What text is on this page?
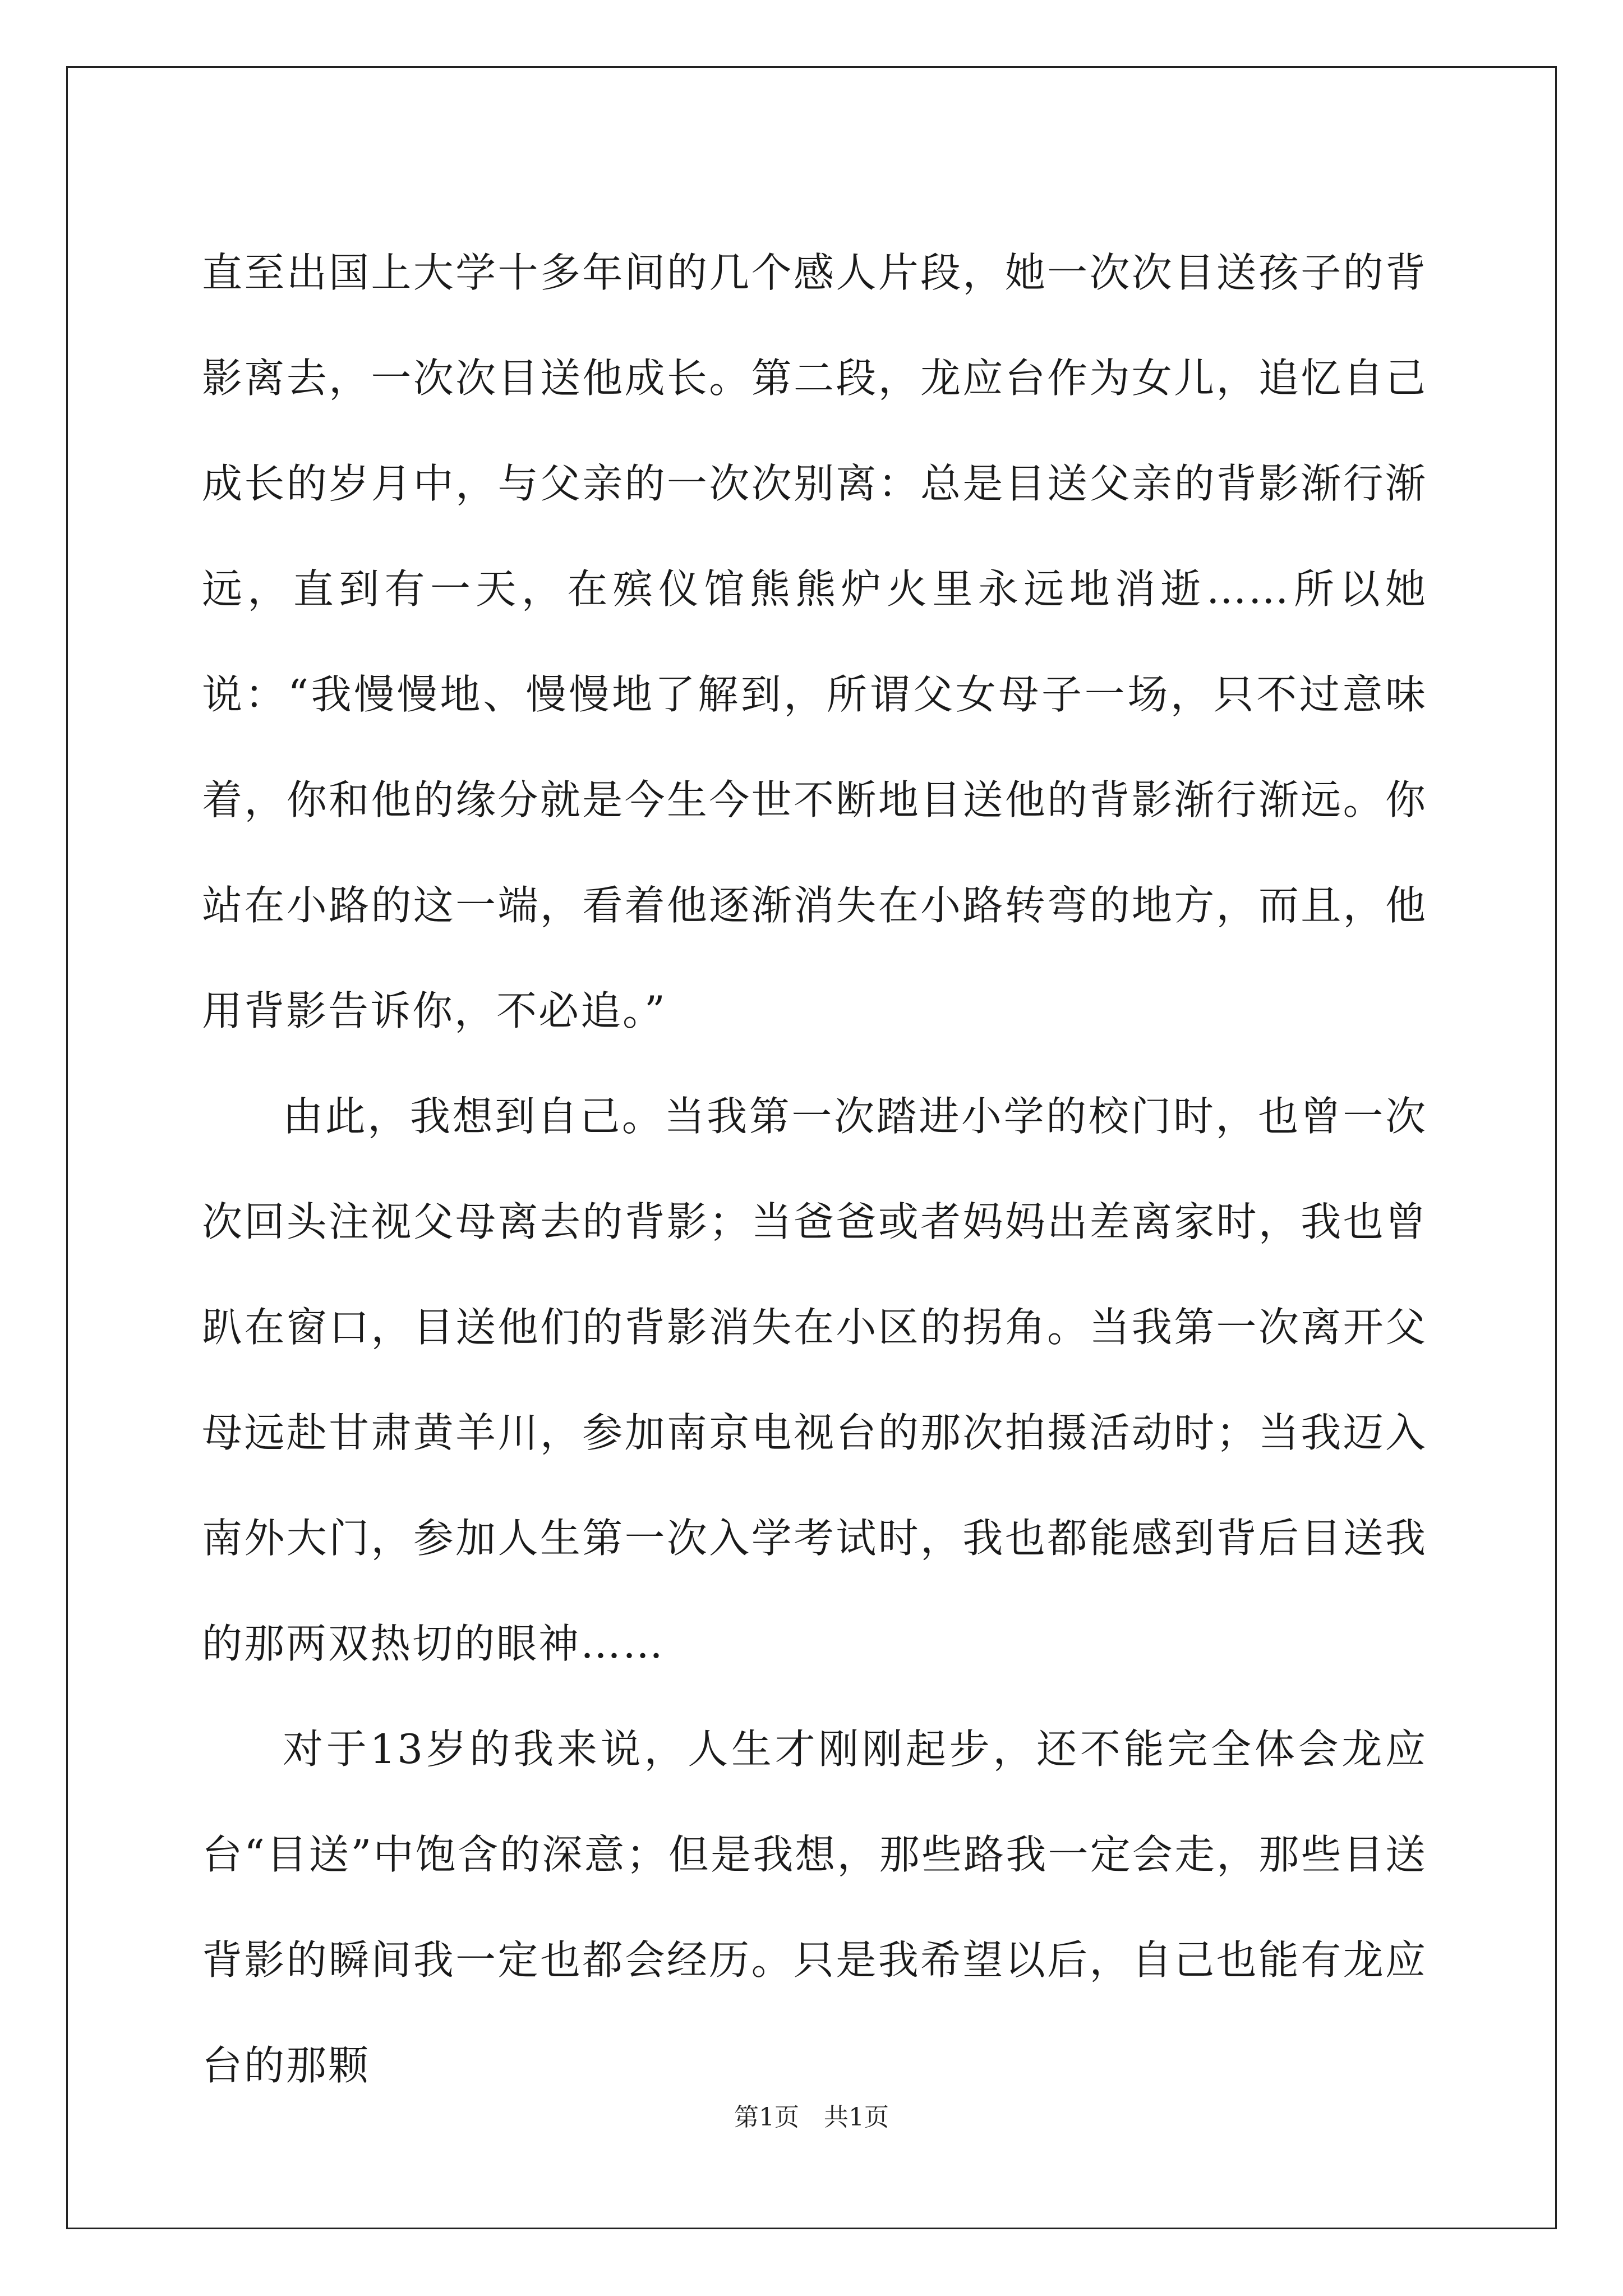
直至出国上大学十多年间的几个感人片段，她一次次目送孩子的背影离去，一次次目送他成长。第二段，龙应台作为女儿，追忆自己成长的岁月中，与父亲的一次次别离：总是目送父亲的背影渐行渐远，直到有一天，在殡仪馆熊熊炉火里永远地消逝……所以她说：“我慢慢地、慢慢地了解到，所谓父女母子一场，只不过意味着，你和他的缘分就是今生今世不断地目送他的背影渐行渐远。你站在小路的这一端，看着他逐渐消失在小路转弯的地方，而且，他用背影告诉你，不必追。”

由此，我想到自己。当我第一次踏进小学的校门时，也曾一次次回头注视父母离去的背影；当爸爸或者妈妈出差离家时，我也曾趴在窗口，目送他们的背影消失在小区的拐角。当我第一次离开父母远赴甘肃黄羊川，参加南京电视台的那次拍摄活动时；当我迈入南外大门，参加人生第一次入学考试时，我也都能感到背后目送我的那两双热切的眼神……

对于13岁的我来说，人生才刚刚起步，还不能完全体会龙应台“目送”中饱含的深意；但是我想，那些路我一定会走，那些目送背影的瞬间我一定也都会经历。只是我希望以后，自己也能有龙应台的那颗

第1页 共1页
